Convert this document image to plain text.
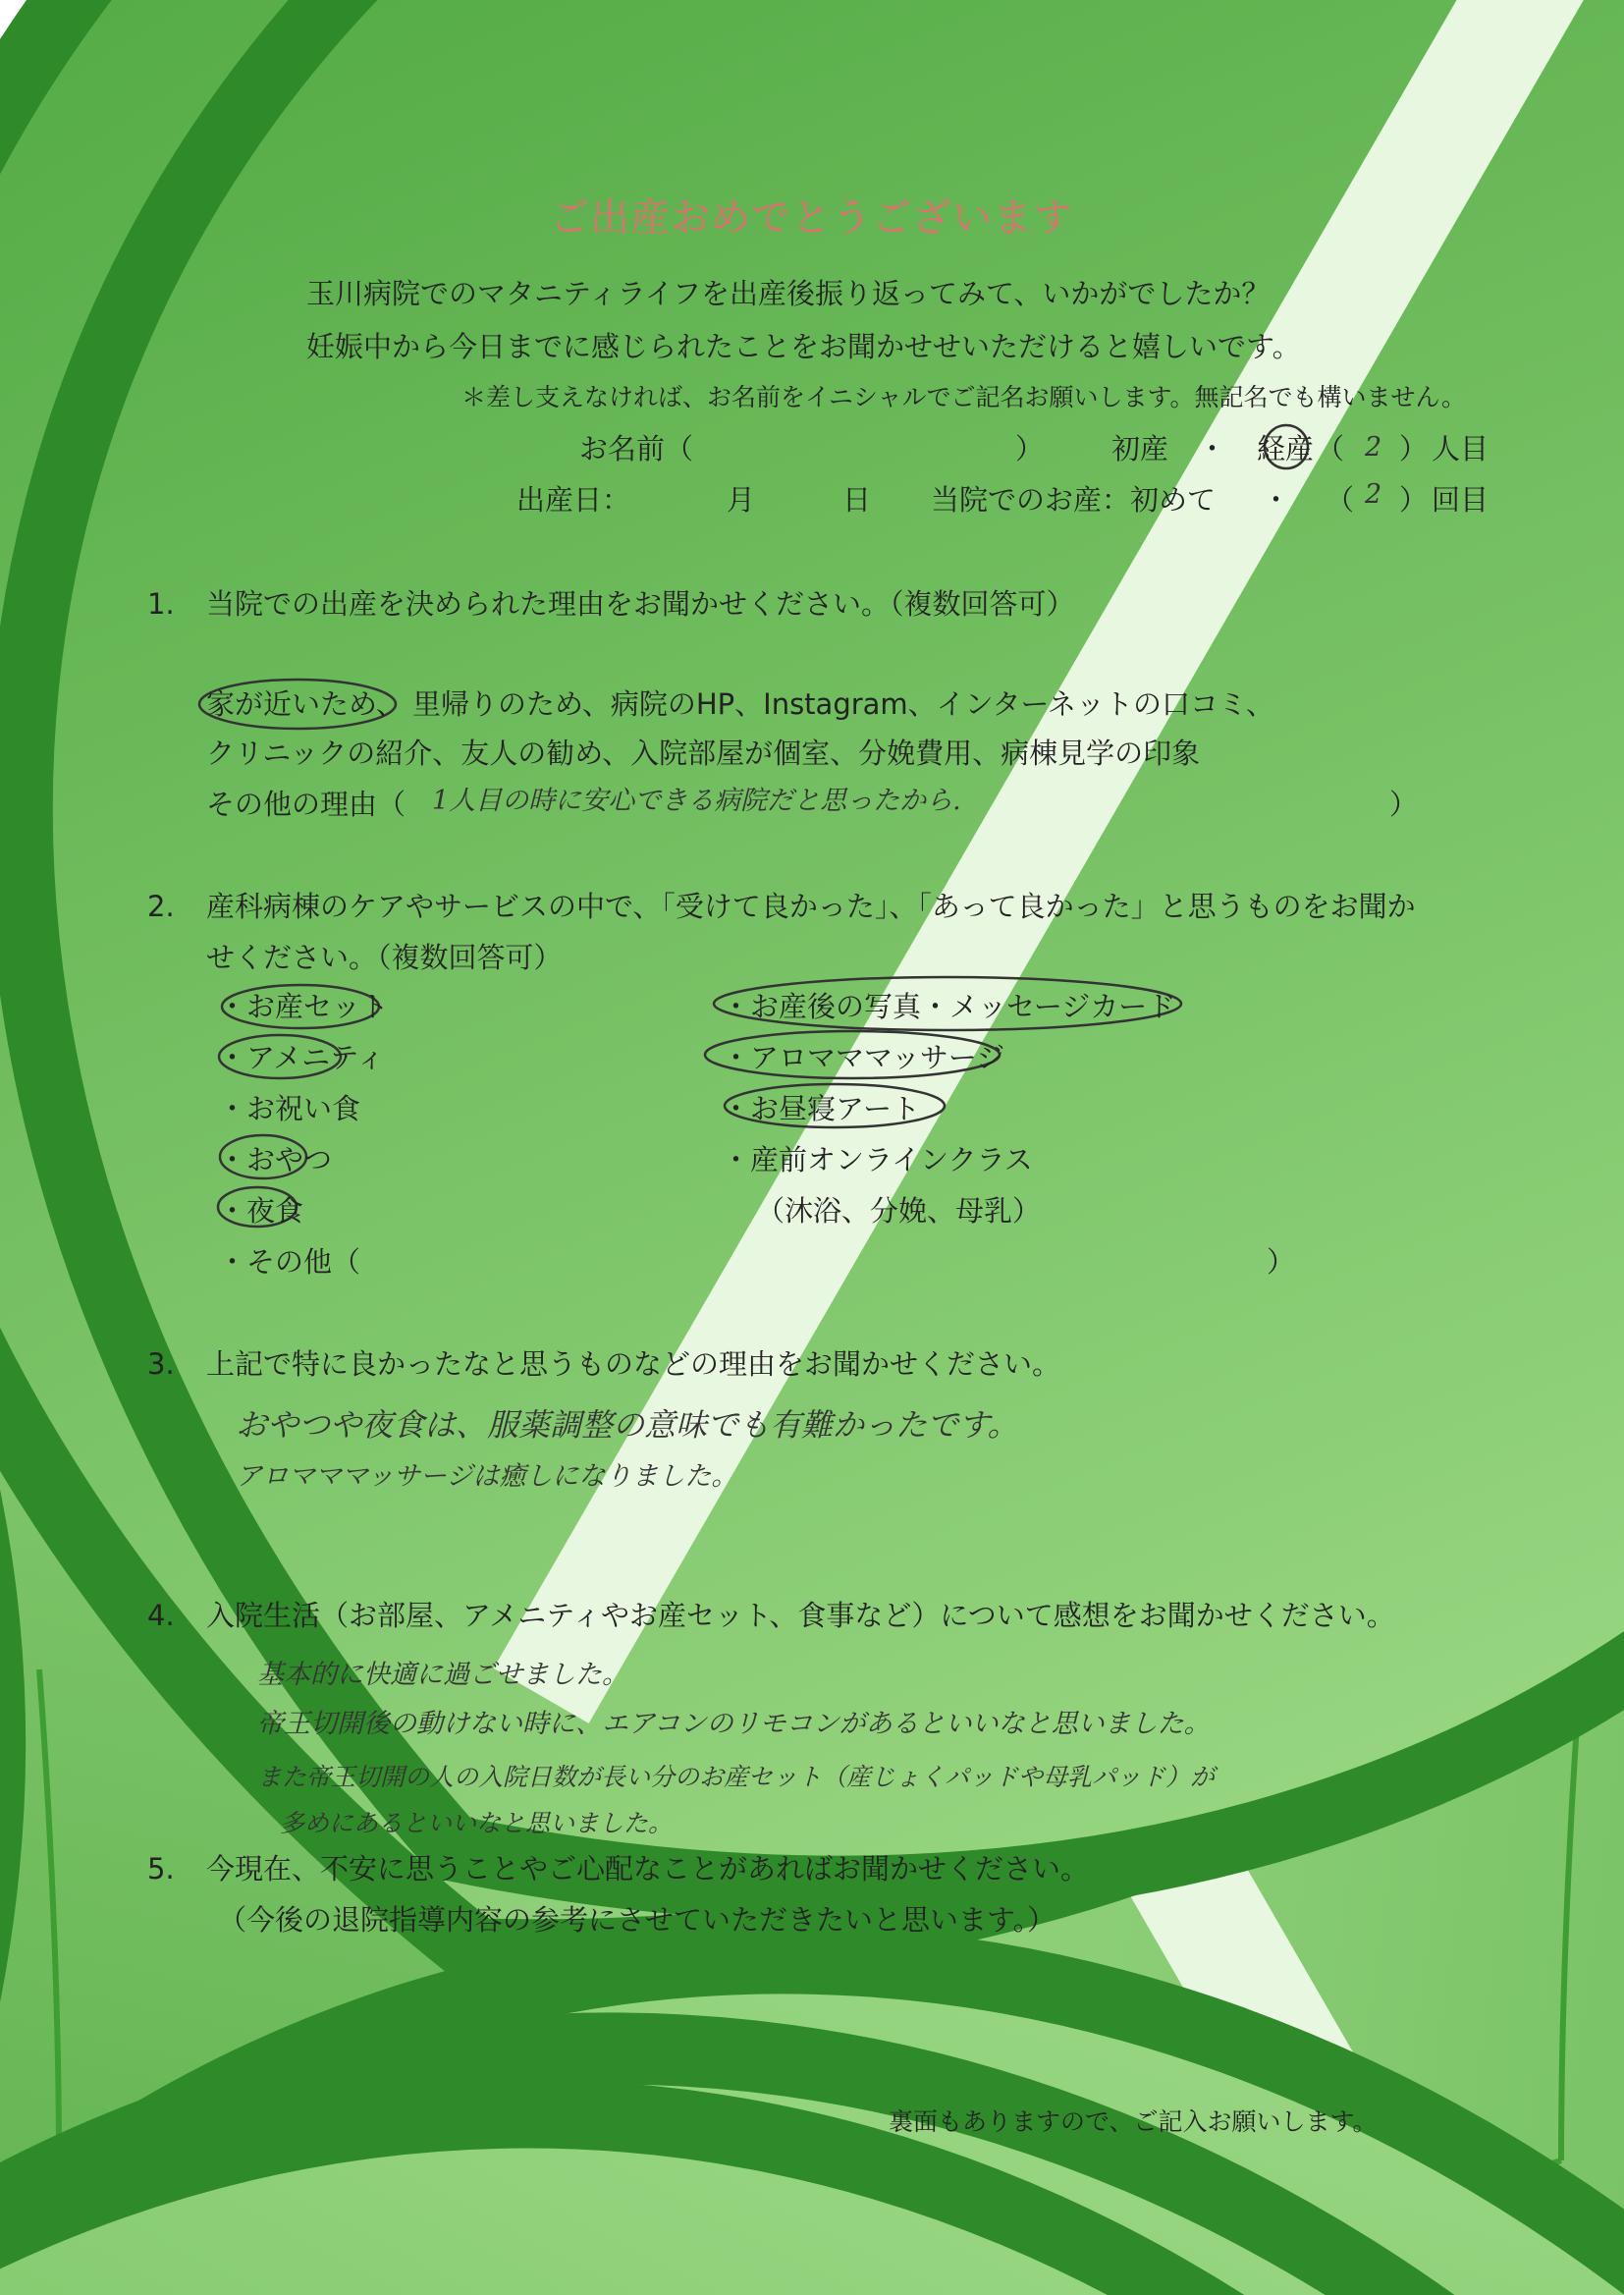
ご出産おめでとうございます
玉川病院でのマタニティライフを出産後振り返ってみて、いかがでしたか？
妊娠中から今日までに感じられたことをお聞かせせいただけると嬉しいです。
＊差し支えなければ、お名前をイニシャルでご記名お願いします。無記名でも構いません。
お名前（	） 初産 ・ 経産 （ 2 ） 人目
出産日：	月	日 当院でのお産：初めて ・ （ 2 ） 回目
1. 当院での出産を決められた理由をお聞かせください。（複数回答可）
家が近いため、 里帰りのため、病院のHP、Instagram、インターネットの口コミ、
クリニックの紹介、友人の勧め、入院部屋が個室、分娩費用、病棟見学の印象
その他の理由（ 1人目の時に安心できる病院だと思ったから.	）
2. 産科病棟のケアやサービスの中で、「受けて良かった」、「あって良かった」と思うものをお聞か
せください。（複数回答可）
・お産セット
・アメニティ
・お祝い食
・おやつ
・夜食
・その他（	）
・お産後の写真・メッセージカード
・アロマママッサージ
・お昼寝アート
・産前オンラインクラス
（沐浴、分娩、母乳）
3. 上記で特に良かったなと思うものなどの理由をお聞かせください。
おやつや夜食は、服薬調整の意味でも有難かったです。
アロマママッサージは癒しになりました。
4. 入院生活（お部屋、アメニティやお産セット、食事など）について感想をお聞かせください。
基本的に快適に過ごせました。
帝王切開後の動けない時に、エアコンのリモコンがあるといいなと思いました。
また帝王切開の人の入院日数が長い分のお産セット（産じょくパッドや母乳パッド）が
多めにあるといいなと思いました。
5. 今現在、不安に思うことやご心配なことがあればお聞かせください。
（今後の退院指導内容の参考にさせていただきたいと思います。）
裏面もありますので、ご記入お願いします。
